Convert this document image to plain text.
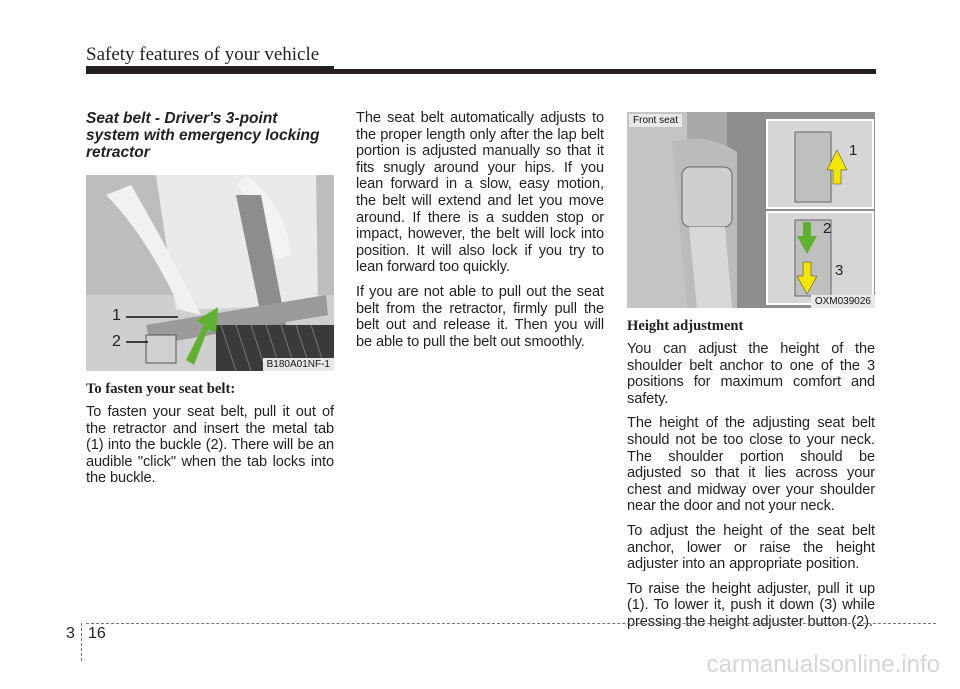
Safety features of your vehicle
Seat belt - Driver's 3-point system with emergency locking retractor
1
2
B180A01NF-1
To fasten your seat belt:

To fasten your seat belt, pull it out of the retractor and insert the metal tab (1) into the buckle (2). There will be an audible "click" when the tab locks into the buckle.

The seat belt automatically adjusts to the proper length only after the lap belt portion is adjusted manually so that it fits snugly around your hips. If you lean forward in a slow, easy motion, the belt will extend and let you move around. If there is a sudden stop or impact, however, the belt will lock into position. It will also lock if you try to lean forward too quickly.

If you are not able to pull out the seat belt from the retractor, firmly pull the belt out and release it. Then you will be able to pull the belt out smoothly.

1
2
3
Front seat
OXM039026
Height adjustment

You can adjust the height of the shoulder belt anchor to one of the 3 positions for maximum comfort and safety.

The height of the adjusting seat belt should not be too close to your neck. The shoulder portion should be adjusted so that it lies across your chest and midway over your shoulder near the door and not your neck.

To adjust the height of the seat belt anchor, lower or raise the height adjuster into an appropriate position.

To raise the height adjuster, pull it up (1). To lower it, push it down (3) while pressing the height adjuster button (2).

3 16
carmanualsonline.info
